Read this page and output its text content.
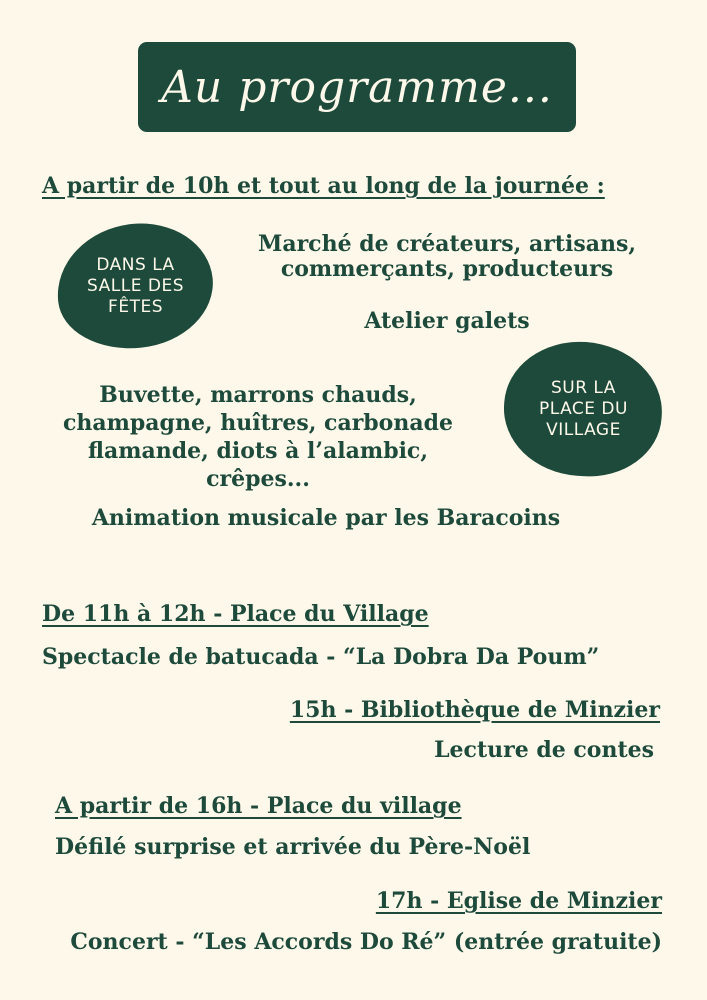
Au programme...
A partir de 10h et tout au long de la journée :
DANS LA
SALLE DES
FÊTES
Marché de créateurs, artisans,
commerçants, producteurs
Atelier galets
SUR LA
PLACE DU
VILLAGE
Buvette, marrons chauds,
champagne, huîtres, carbonade
flamande, diots à l’alambic,
crêpes...
Animation musicale par les Baracoins
De 11h à 12h - Place du Village
Spectacle de batucada - “La Dobra Da Poum”
15h - Bibliothèque de Minzier
Lecture de contes
A partir de 16h - Place du village
Défilé surprise et arrivée du Père-Noël
17h - Eglise de Minzier
Concert - “Les Accords Do Ré” (entrée gratuite)
